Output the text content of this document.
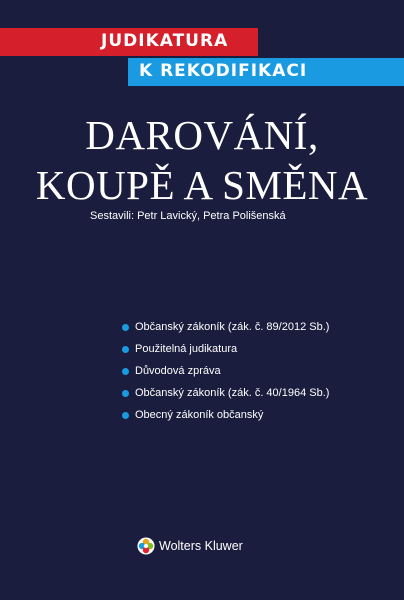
JUDIKATURA
K REKODIFIKACI
DAROVÁNÍ,
KOUPĚ A SMĚNA
Sestavili: Petr Lavický, Petra Polišenská
Občanský zákoník (zák. č. 89/2012 Sb.)
Použitelná judikatura
Důvodová zpráva
Občanský zákoník (zák. č. 40/1964 Sb.)
Obecný zákoník občanský
Wolters Kluwer
